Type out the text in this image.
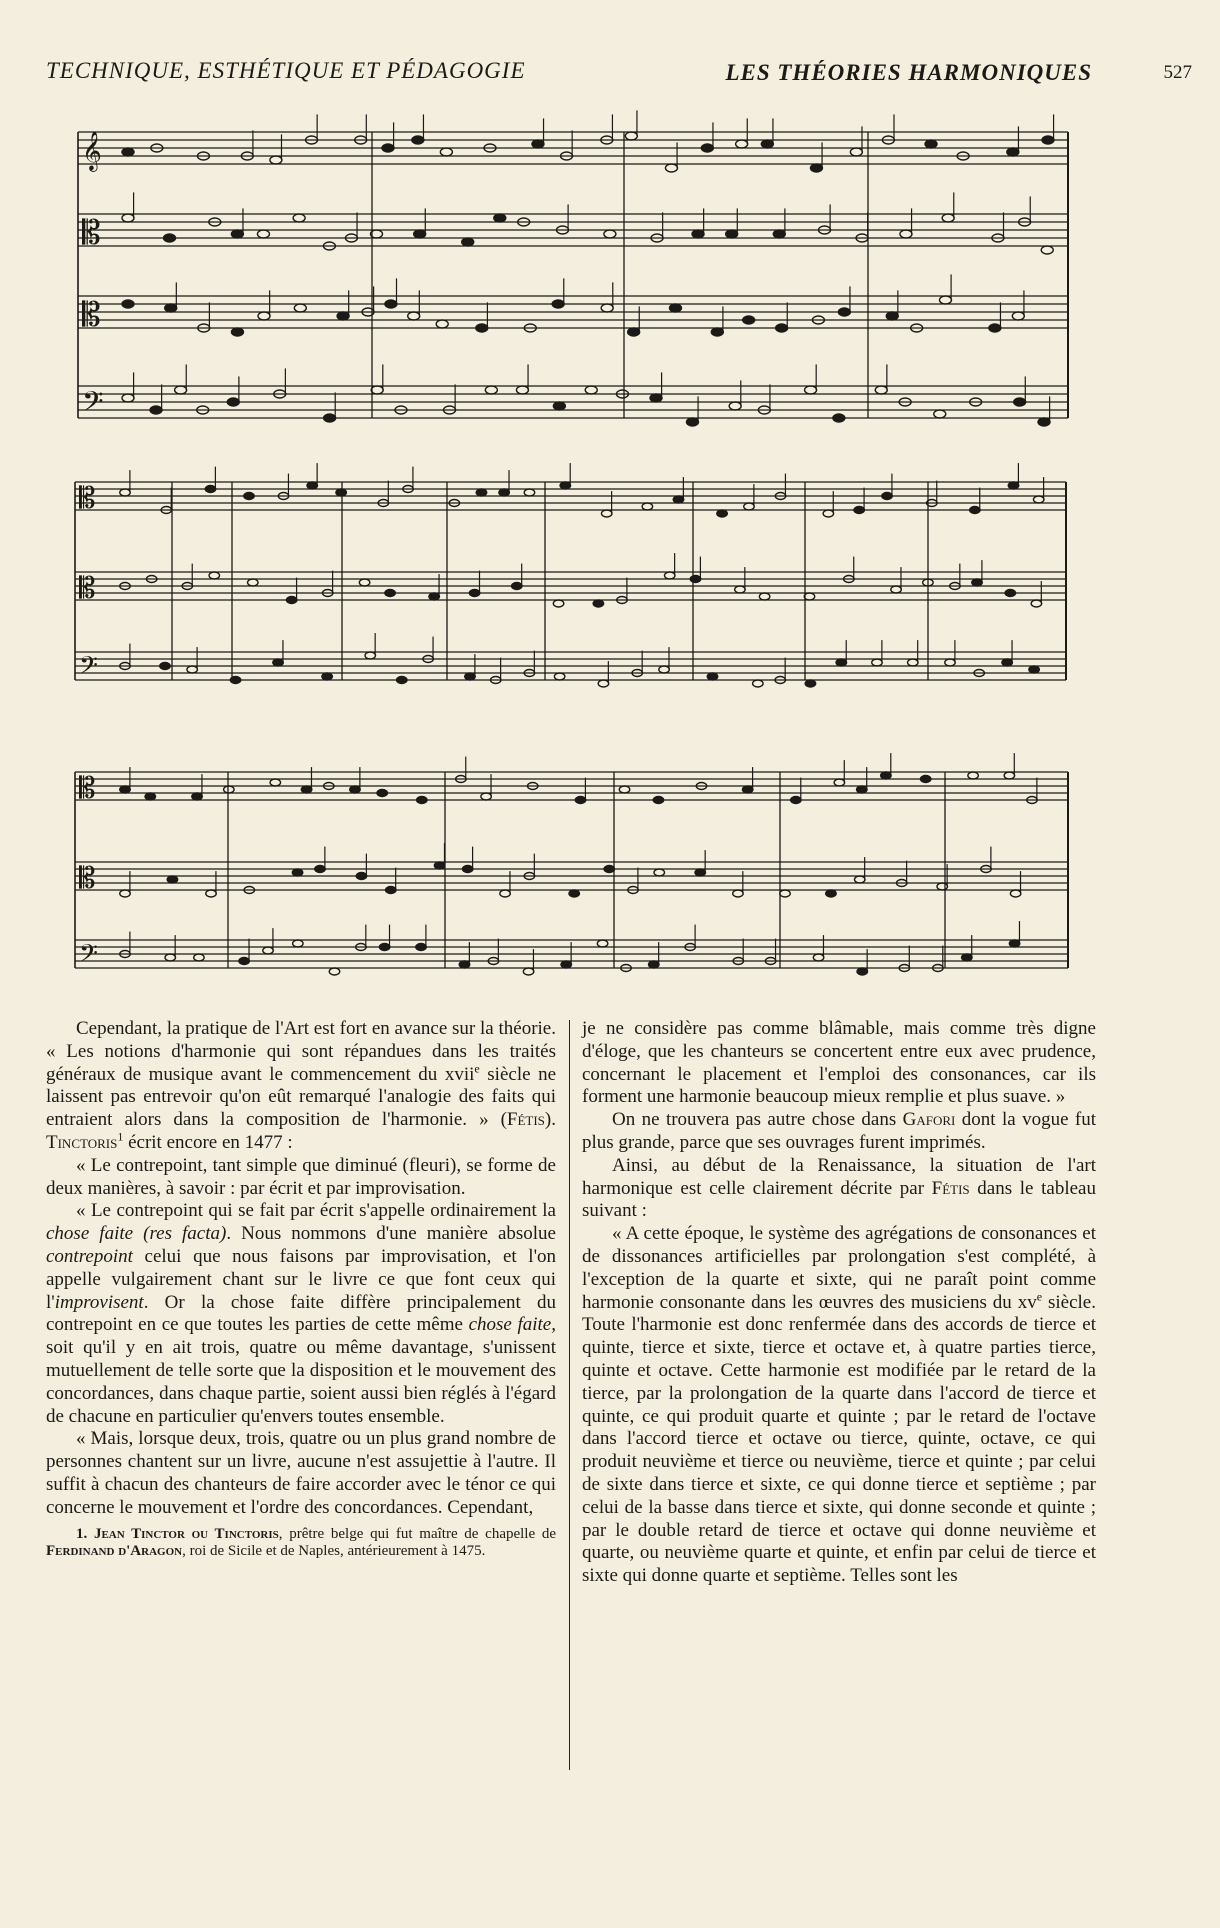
TECHNIQUE, ESTHÉTIQUE ET PÉDAGOGIE	LES THÉORIES HARMONIQUES	527
𝄞
𝄡
𝄡
𝄢
𝄡
𝄡
𝄢
𝄡
𝄡
𝄢

Cependant, la pratique de l'Art est fort en avance sur la théorie. « Les notions d'harmonie qui sont répandues dans les traités généraux de musique avant le commencement du xvii$^e$ siècle ne laissent pas entrevoir qu'on eût remarqué l'analogie des faits qui entraient alors dans la composition de l'harmonie. » (Fétis). Tinctoris$^1$ écrit encore en 1477 :

« Le contrepoint, tant simple que diminué (fleuri), se forme de deux manières, à savoir : par écrit et par improvisation.

« Le contrepoint qui se fait par écrit s'appelle ordinairement la chose faite (res facta). Nous nommons d'une manière absolue contrepoint celui que nous faisons par improvisation, et l'on appelle vulgairement chant sur le livre ce que font ceux qui l'improvisent. Or la chose faite diffère principalement du contrepoint en ce que toutes les parties de cette même chose faite, soit qu'il y en ait trois, quatre ou même davantage, s'unissent mutuellement de telle sorte que la disposition et le mouvement des concordances, dans chaque partie, soient aussi bien réglés à l'égard de chacune en particulier qu'envers toutes ensemble.

« Mais, lorsque deux, trois, quatre ou un plus grand nombre de personnes chantent sur un livre, aucune n'est assujettie à l'autre. Il suffit à chacun des chanteurs de faire accorder avec le ténor ce qui concerne le mouvement et l'ordre des concordances. Cependant,

1. Jean Tinctor ou Tinctoris, prêtre belge qui fut maître de chapelle de Ferdinand d'Aragon, roi de Sicile et de Naples, antérieurement à 1475.

je ne considère pas comme blâmable, mais comme très digne d'éloge, que les chanteurs se concertent entre eux avec prudence, concernant le placement et l'emploi des consonances, car ils forment une harmonie beaucoup mieux remplie et plus suave. »

On ne trouvera pas autre chose dans Gafori dont la vogue fut plus grande, parce que ses ouvrages furent imprimés.

Ainsi, au début de la Renaissance, la situation de l'art harmonique est celle clairement décrite par Fétis dans le tableau suivant :

« A cette époque, le système des agrégations de consonances et de dissonances artificielles par prolongation s'est complété, à l'exception de la quarte et sixte, qui ne paraît point comme harmonie consonante dans les œuvres des musiciens du $xv^e$ siècle. Toute l'harmonie est donc renfermée dans des accords de tierce et quinte, tierce et sixte, tierce et octave et, à quatre parties tierce, quinte et octave. Cette harmonie est modifiée par le retard de la tierce, par la prolongation de la quarte dans l'accord de tierce et quinte, ce qui produit quarte et quinte ; par le retard de l'octave dans l'accord tierce et octave ou tierce, quinte, octave, ce qui produit neuvième et tierce ou neuvième, tierce et quinte ; par celui de sixte dans tierce et sixte, ce qui donne tierce et septième ; par celui de la basse dans tierce et sixte, qui donne seconde et quinte ; par le double retard de tierce et octave qui donne neuvième et quarte, ou neuvième quarte et quinte, et enfin par celui de tierce et sixte qui donne quarte et septième. Telles sont les
